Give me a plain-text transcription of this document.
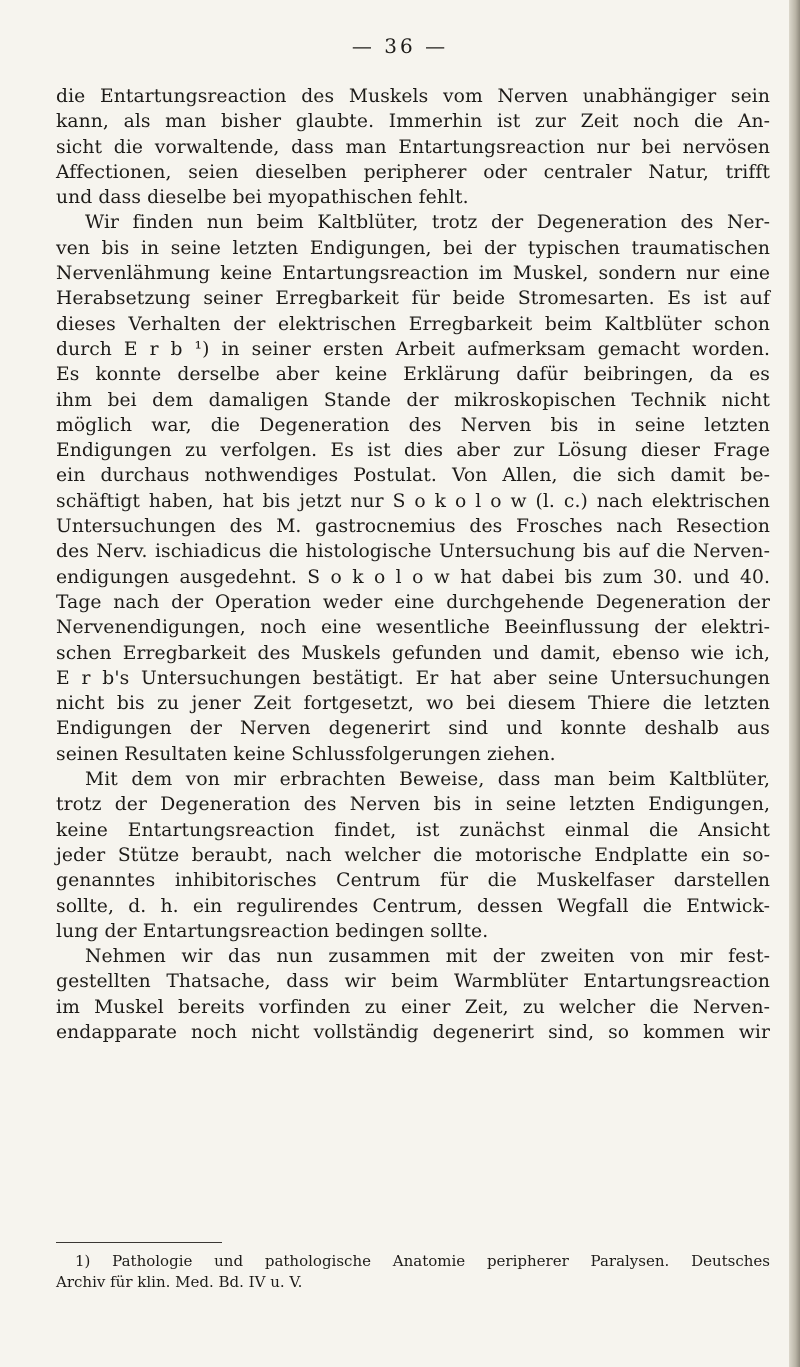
— 36 —
die Entartungsreaction des Muskels vom Nerven unabhängiger sein
kann, als man bisher glaubte. Immerhin ist zur Zeit noch die An-
sicht die vorwaltende, dass man Entartungsreaction nur bei nervösen
Affectionen, seien dieselben peripherer oder centraler Natur, trifft
und dass dieselbe bei myopathischen fehlt.
Wir finden nun beim Kaltblüter, trotz der Degeneration des Ner-
ven bis in seine letzten Endigungen, bei der typischen traumatischen
Nervenlähmung keine Entartungsreaction im Muskel, sondern nur eine
Herabsetzung seiner Erregbarkeit für beide Stromesarten. Es ist auf
dieses Verhalten der elektrischen Erregbarkeit beim Kaltblüter schon
durch E r b ¹) in seiner ersten Arbeit aufmerksam gemacht worden.
Es konnte derselbe aber keine Erklärung dafür beibringen, da es
ihm bei dem damaligen Stande der mikroskopischen Technik nicht
möglich war, die Degeneration des Nerven bis in seine letzten
Endigungen zu verfolgen. Es ist dies aber zur Lösung dieser Frage
ein durchaus nothwendiges Postulat. Von Allen, die sich damit be-
schäftigt haben, hat bis jetzt nur S o k o l o w (l. c.) nach elektrischen
Untersuchungen des M. gastrocnemius des Frosches nach Resection
des Nerv. ischiadicus die histologische Untersuchung bis auf die Nerven-
endigungen ausgedehnt. S o k o l o w hat dabei bis zum 30. und 40.
Tage nach der Operation weder eine durchgehende Degeneration der
Nervenendigungen, noch eine wesentliche Beeinflussung der elektri-
schen Erregbarkeit des Muskels gefunden und damit, ebenso wie ich,
E r b's Untersuchungen bestätigt. Er hat aber seine Untersuchungen
nicht bis zu jener Zeit fortgesetzt, wo bei diesem Thiere die letzten
Endigungen der Nerven degenerirt sind und konnte deshalb aus
seinen Resultaten keine Schlussfolgerungen ziehen.
Mit dem von mir erbrachten Beweise, dass man beim Kaltblüter,
trotz der Degeneration des Nerven bis in seine letzten Endigungen,
keine Entartungsreaction findet, ist zunächst einmal die Ansicht
jeder Stütze beraubt, nach welcher die motorische Endplatte ein so-
genanntes inhibitorisches Centrum für die Muskelfaser darstellen
sollte, d. h. ein regulirendes Centrum, dessen Wegfall die Entwick-
lung der Entartungsreaction bedingen sollte.
Nehmen wir das nun zusammen mit der zweiten von mir fest-
gestellten Thatsache, dass wir beim Warmblüter Entartungsreaction
im Muskel bereits vorfinden zu einer Zeit, zu welcher die Nerven-
endapparate noch nicht vollständig degenerirt sind, so kommen wir
1) Pathologie und pathologische Anatomie peripherer Paralysen. Deutsches
Archiv für klin. Med. Bd. IV u. V.
